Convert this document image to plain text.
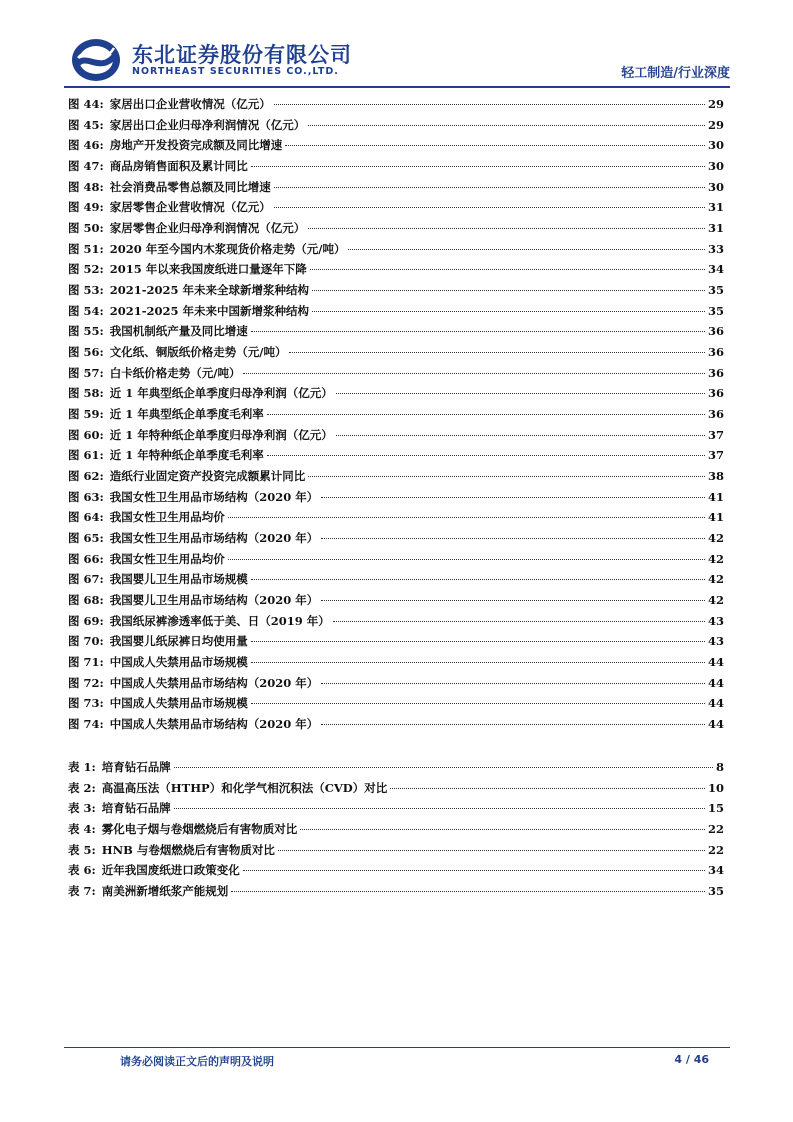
东北证券股份有限公司
NORTHEAST SECURITIES CO.,LTD.	轻工制造/行业深度
图 44: 家居出口企业营收情况（亿元）	29
图 45: 家居出口企业归母净利润情况（亿元）	29
图 46: 房地产开发投资完成额及同比增速	30
图 47: 商品房销售面积及累计同比	30
图 48: 社会消费品零售总额及同比增速	30
图 49: 家居零售企业营收情况（亿元）	31
图 50: 家居零售企业归母净利润情况（亿元）	31
图 51: 2020 年至今国内木浆现货价格走势（元/吨）	33
图 52: 2015 年以来我国废纸进口量逐年下降	34
图 53: 2021-2025 年未来全球新增浆种结构	35
图 54: 2021-2025 年未来中国新增浆种结构	35
图 55: 我国机制纸产量及同比增速	36
图 56: 文化纸、铜版纸价格走势（元/吨）	36
图 57: 白卡纸价格走势（元/吨）	36
图 58: 近 1 年典型纸企单季度归母净利润（亿元）	36
图 59: 近 1 年典型纸企单季度毛利率	36
图 60: 近 1 年特种纸企单季度归母净利润（亿元）	37
图 61: 近 1 年特种纸企单季度毛利率	37
图 62: 造纸行业固定资产投资完成额累计同比	38
图 63: 我国女性卫生用品市场结构（2020 年）	41
图 64: 我国女性卫生用品均价	41
图 65: 我国女性卫生用品市场结构（2020 年）	42
图 66: 我国女性卫生用品均价	42
图 67: 我国婴儿卫生用品市场规模	42
图 68: 我国婴儿卫生用品市场结构（2020 年）	42
图 69: 我国纸尿裤渗透率低于美、日（2019 年）	43
图 70: 我国婴儿纸尿裤日均使用量	43
图 71: 中国成人失禁用品市场规模	44
图 72: 中国成人失禁用品市场结构（2020 年）	44
图 73: 中国成人失禁用品市场规模	44
图 74: 中国成人失禁用品市场结构（2020 年）	44
表 1: 培育钻石品牌	8
表 2: 高温高压法（HTHP）和化学气相沉积法（CVD）对比	10
表 3: 培育钻石品牌	15
表 4: 雾化电子烟与卷烟燃烧后有害物质对比	22
表 5: HNB 与卷烟燃烧后有害物质对比	22
表 6: 近年我国废纸进口政策变化	34
表 7: 南美洲新增纸浆产能规划	35
请务必阅读正文后的声明及说明	4 / 46
